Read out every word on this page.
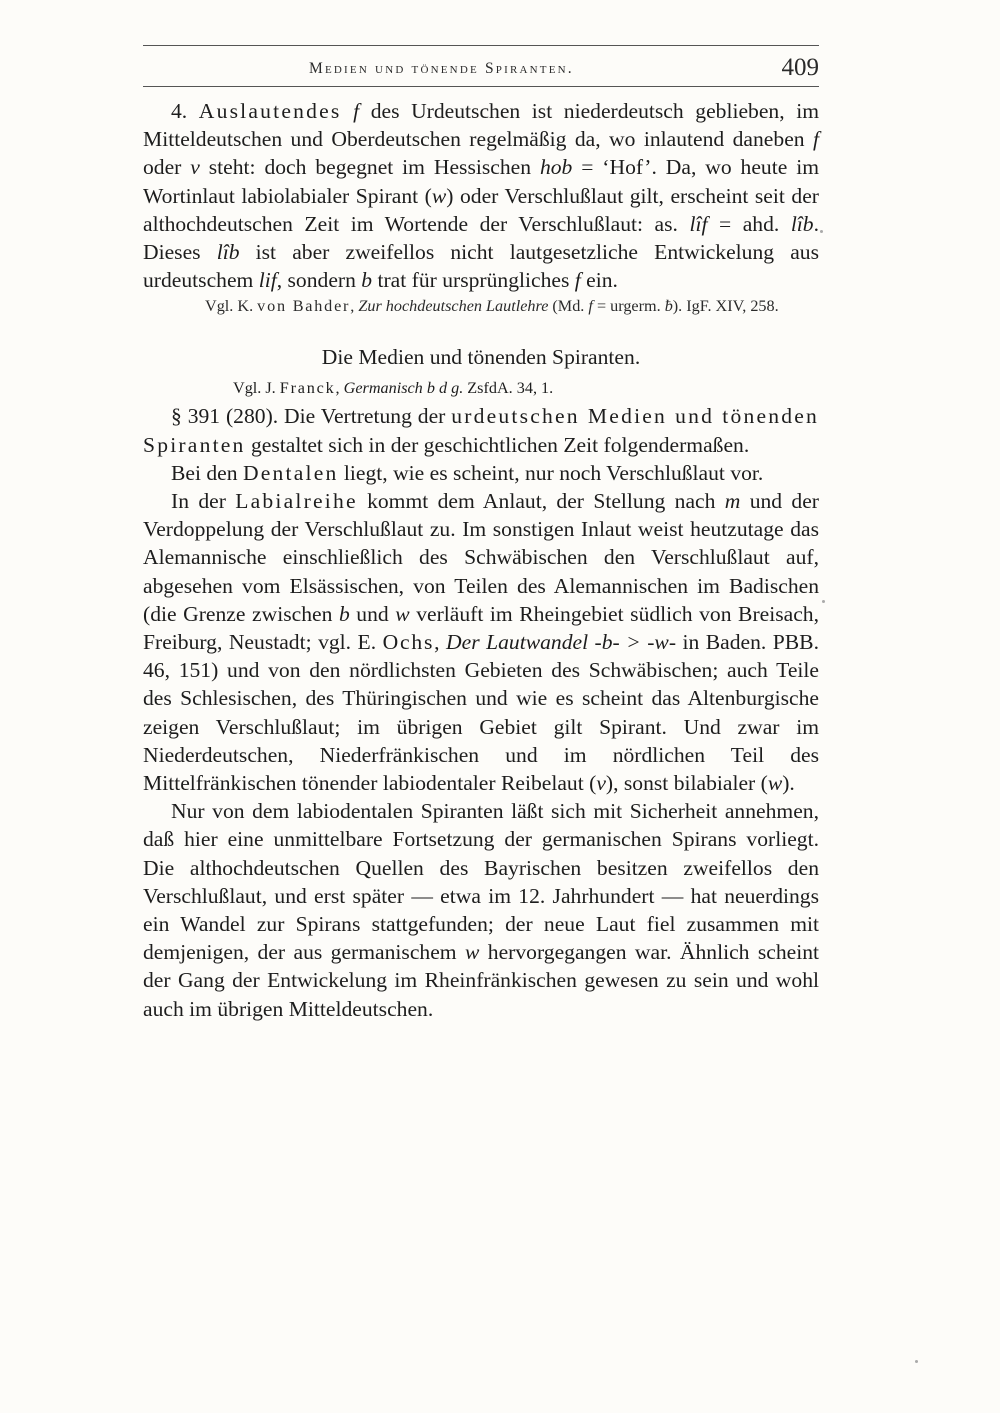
Medien und tönende Spiranten.	409

4. Auslautendes f des Urdeutschen ist niederdeutsch geblieben, im Mitteldeutschen und Oberdeutschen regelmäßig da, wo inlautend daneben f oder v steht: doch begegnet im Hessischen hob = ‘Hof’. Da, wo heute im Wortinlaut labiolabialer Spirant (w) oder Verschlußlaut gilt, erscheint seit der althochdeutschen Zeit im Wortende der Verschlußlaut: as. lîf = ahd. lîb. Dieses lîb ist aber zweifellos nicht lautgesetzliche Entwickelung aus urdeutschem lif, sondern b trat für ursprüngliches f ein.

Vgl. K. von Bahder, Zur hochdeutschen Lautlehre (Md. f = urgerm. ƀ). IgF. XIV, 258.

Die Medien und tönenden Spiranten.
Vgl. J. Franck, Germanisch b d g. ZsfdA. 34, 1.

§ 391 (280). Die Vertretung der urdeutschen Medien und tönenden Spiranten gestaltet sich in der geschichtlichen Zeit folgendermaßen.

Bei den Dentalen liegt, wie es scheint, nur noch Verschlußlaut vor.

In der Labialreihe kommt dem Anlaut, der Stellung nach m und der Verdoppelung der Verschlußlaut zu. Im sonstigen Inlaut weist heutzutage das Alemannische einschließlich des Schwäbischen den Verschlußlaut auf, abgesehen vom Elsässischen, von Teilen des Alemannischen im Badischen (die Grenze zwischen b und w verläuft im Rheingebiet südlich von Breisach, Freiburg, Neustadt; vgl. E. Ochs, Der Lautwandel -b- > -w- in Baden. PBB. 46, 151) und von den nördlichsten Gebieten des Schwäbischen; auch Teile des Schlesischen, des Thüringischen und wie es scheint das Altenburgische zeigen Verschlußlaut; im übrigen Gebiet gilt Spirant. Und zwar im Niederdeutschen, Niederfränkischen und im nördlichen Teil des Mittelfränkischen tönender labiodentaler Reibelaut (v), sonst bilabialer (w).

Nur von dem labiodentalen Spiranten läßt sich mit Sicherheit annehmen, daß hier eine unmittelbare Fortsetzung der germanischen Spirans vorliegt. Die althochdeutschen Quellen des Bayrischen besitzen zweifellos den Verschlußlaut, und erst später — etwa im 12. Jahrhundert — hat neuerdings ein Wandel zur Spirans stattgefunden; der neue Laut fiel zusammen mit demjenigen, der aus germanischem w hervorgegangen war. Ähnlich scheint der Gang der Entwickelung im Rheinfränkischen gewesen zu sein und wohl auch im übrigen Mitteldeutschen.
